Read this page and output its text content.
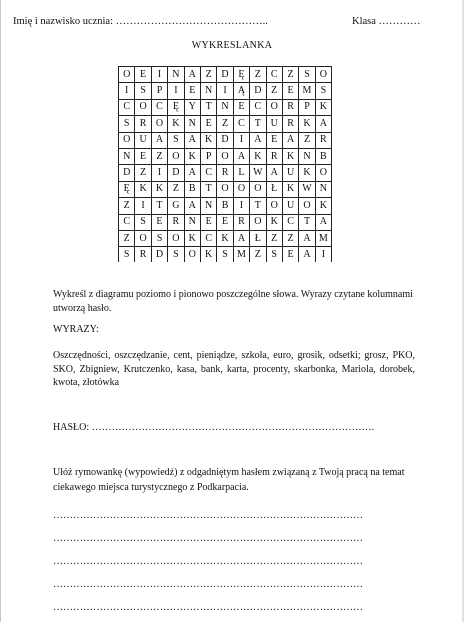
Imię i nazwisko ucznia: ……………………………………..	Klasa …………
WYKRESLANKA
O	E	I	N	A	Z	D	Ę	Z	C	Z	S	O
I	S	P	I	E	N	I	Ą	D	Z	E	M	S
C	O	C	Ę	Y	T	N	E	C	O	R	P	K
S	R	O	K	N	E	Z	C	T	U	R	K	A
O	U	A	S	A	K	D	I	A	E	A	Z	R
N	E	Z	O	K	P	O	A	K	R	K	N	B
D	Z	I	D	A	C	R	L	W	A	U	K	O
Ę	K	K	Z	B	T	O	O	O	Ł	K	W	N
Z	I	T	G	A	N	B	I	T	O	U	O	K
C	S	E	R	N	E	E	R	O	K	C	T	A
Z	O	S	O	K	C	K	A	Ł	Z	Z	A	M
S	R	D	S	O	K	S	M	Z	S	E	A	I

Wykreśl z diagramu poziomo i pionowo poszczególne słowa. Wyrazy czytane kolumnami utworzą hasło.
WYRAZY:
Oszczędności, oszczędzanie, cent, pieniądze, szkoła, euro, grosik, odsetki; grosz, PKO, SKO, Zbigniew, Krutczenko, kasa, bank, karta, procenty, skarbonka, Mariola, dorobek, kwota, złotówka
HASŁO: ………………………………………………………………………….
Ułóż rymowankę (wypowiedź) z odgadniętym hasłem związaną z Twoją pracą na temat ciekawego miejsca turystycznego z Podkarpacia.
…………………………………………………………………………………
…………………………………………………………………………………
…………………………………………………………………………………
…………………………………………………………………………………
…………………………………………………………………………………
